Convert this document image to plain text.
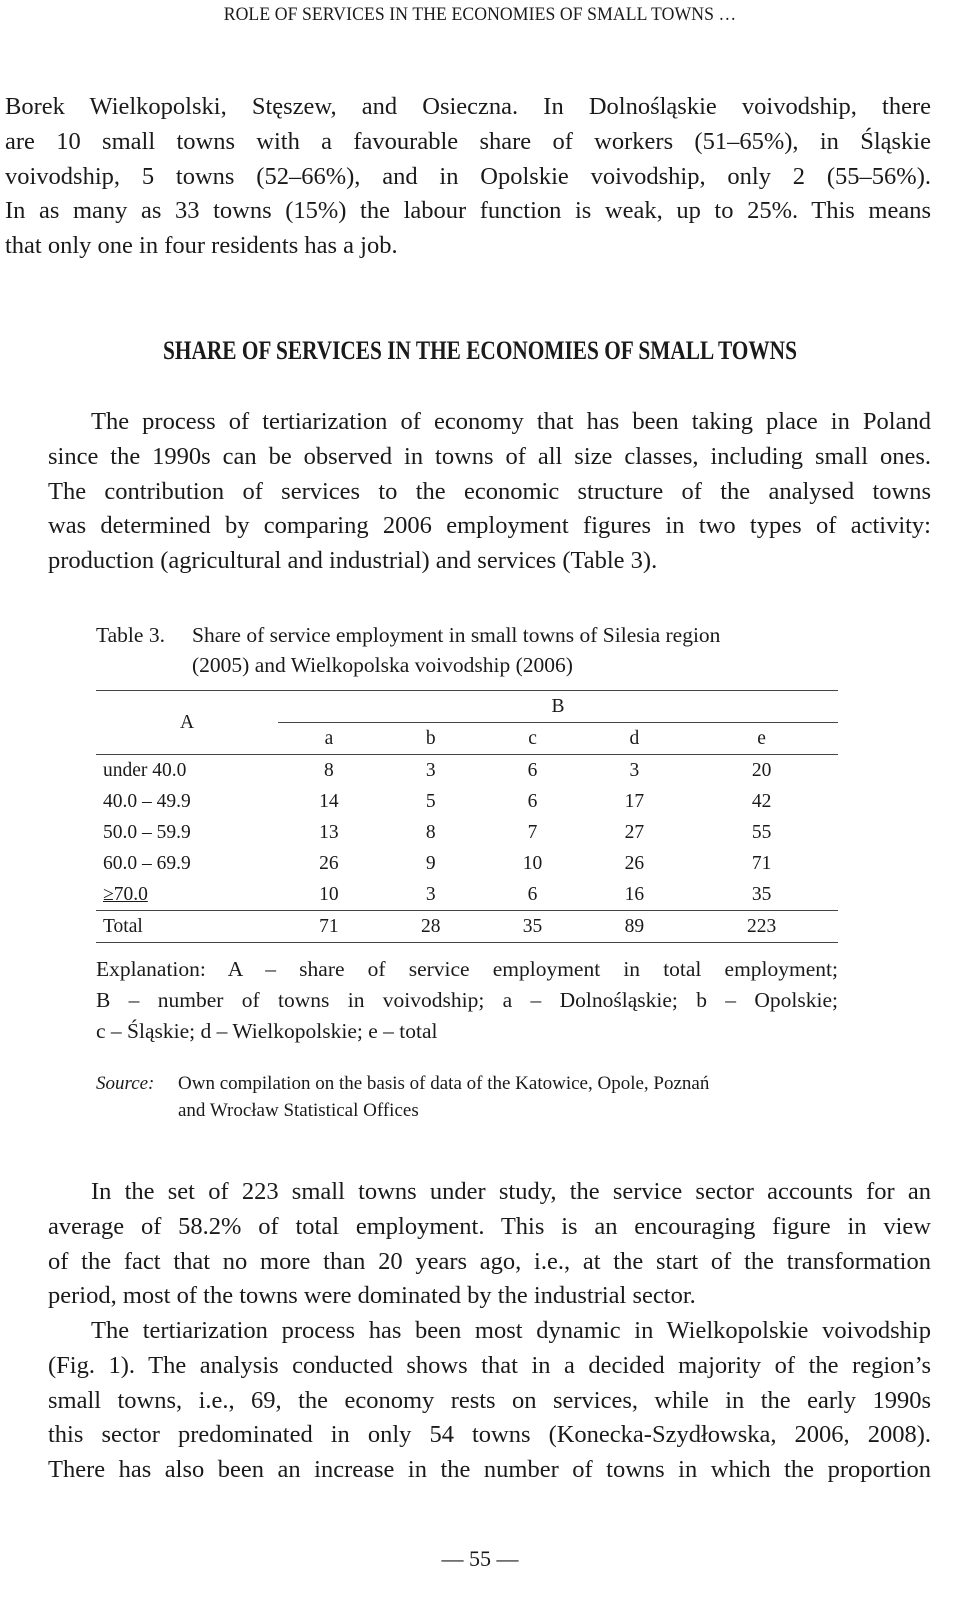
ROLE OF SERVICES IN THE ECONOMIES OF SMALL TOWNS …
Borek Wielkopolski, Stęszew, and Osieczna. In Dolnośląskie voivodship, there
are 10 small towns with a favourable share of workers (51–65%), in Śląskie
voivodship, 5 towns (52–66%), and in Opolskie voivodship, only 2 (55–56%).
In as many as 33 towns (15%) the labour function is weak, up to 25%. This means
that only one in four residents has a job.
SHARE OF SERVICES IN THE ECONOMIES OF SMALL TOWNS
The process of tertiarization of economy that has been taking place in Poland
since the 1990s can be observed in towns of all size classes, including small ones.
The contribution of services to the economic structure of the analysed towns
was determined by comparing 2006 employment figures in two types of activity:
production (agricultural and industrial) and services (Table 3).
Table 3.	Share of service employment in small towns of Silesia region
(2005) and Wielkopolska voivodship (2006)
A	B				
	a	b	c	d	e
under 40.0	8	3	6	3	20
40.0 – 49.9	14	5	6	17	42
50.0 – 59.9	13	8	7	27	55
60.0 – 69.9	26	9	10	26	71
≥70.0	10	3	6	16	35
Total	71	28	35	89	223
Explanation: A – share of service employment in total employment;
B – number of towns in voivodship; a – Dolnośląskie; b – Opolskie;
c – Śląskie; d – Wielkopolskie; e – total
Source:	Own compilation on the basis of data of the Katowice, Opole, Poznań
and Wrocław Statistical Offices
In the set of 223 small towns under study, the service sector accounts for an
average of 58.2% of total employment. This is an encouraging figure in view
of the fact that no more than 20 years ago, i.e., at the start of the transformation
period, most of the towns were dominated by the industrial sector.
The tertiarization process has been most dynamic in Wielkopolskie voivodship
(Fig. 1). The analysis conducted shows that in a decided majority of the region’s
small towns, i.e., 69, the economy rests on services, while in the early 1990s
this sector predominated in only 54 towns (Konecka-Szydłowska, 2006, 2008).
There has also been an increase in the number of towns in which the proportion
— 55 —
